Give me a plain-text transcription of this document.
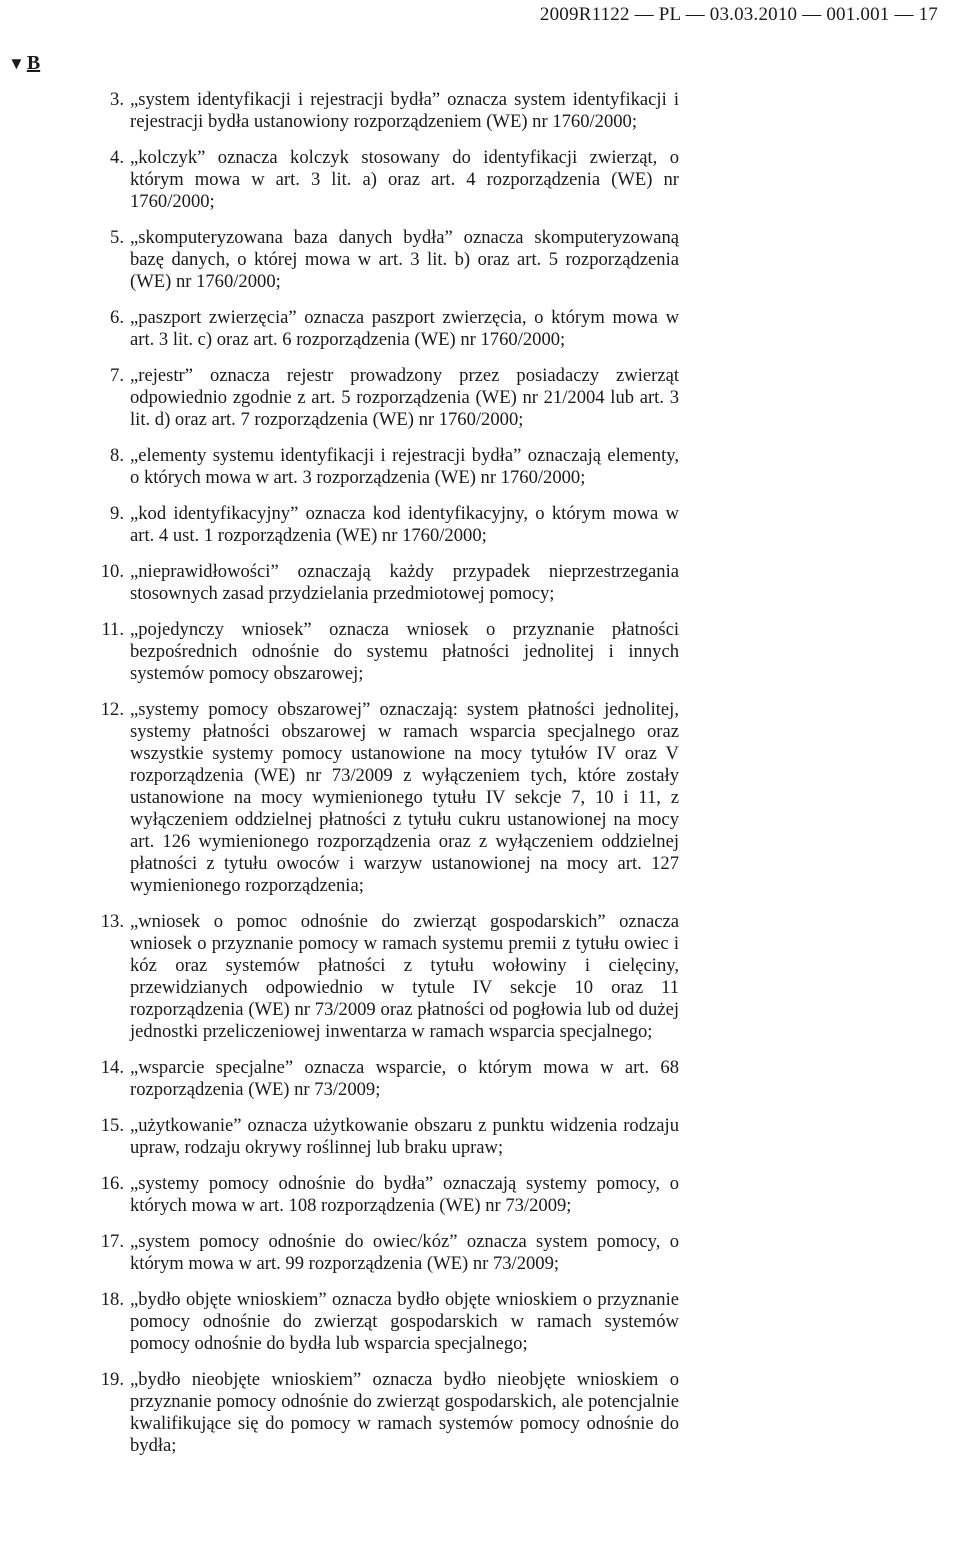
2009R1122 — PL — 03.03.2010 — 001.001 — 17
▼ B
3. „system identyfikacji i rejestracji bydła” oznacza system identyfikacji i rejestracji bydła ustanowiony rozporządzeniem (WE) nr 1760/2000;
4. „kolczyk” oznacza kolczyk stosowany do identyfikacji zwierząt, o którym mowa w art. 3 lit. a) oraz art. 4 rozporządzenia (WE) nr 1760/2000;
5. „skomputeryzowana baza danych bydła” oznacza skomputeryzowaną bazę danych, o której mowa w art. 3 lit. b) oraz art. 5 rozporządzenia (WE) nr 1760/2000;
6. „paszport zwierzęcia” oznacza paszport zwierzęcia, o którym mowa w art. 3 lit. c) oraz art. 6 rozporządzenia (WE) nr 1760/2000;
7. „rejestr” oznacza rejestr prowadzony przez posiadaczy zwierząt odpowiednio zgodnie z art. 5 rozporządzenia (WE) nr 21/2004 lub art. 3 lit. d) oraz art. 7 rozporządzenia (WE) nr 1760/2000;
8. „elementy systemu identyfikacji i rejestracji bydła” oznaczają elementy, o których mowa w art. 3 rozporządzenia (WE) nr 1760/2000;
9. „kod identyfikacyjny” oznacza kod identyfikacyjny, o którym mowa w art. 4 ust. 1 rozporządzenia (WE) nr 1760/2000;
10. „nieprawidłowości” oznaczają każdy przypadek nieprzestrzegania stosownych zasad przydzielania przedmiotowej pomocy;
11. „pojedynczy wniosek” oznacza wniosek o przyznanie płatności bezpośrednich odnośnie do systemu płatności jednolitej i innych systemów pomocy obszarowej;
12. „systemy pomocy obszarowej” oznaczają: system płatności jednolitej, systemy płatności obszarowej w ramach wsparcia specjalnego oraz wszystkie systemy pomocy ustanowione na mocy tytułów IV oraz V rozporządzenia (WE) nr 73/2009 z wyłączeniem tych, które zostały ustanowione na mocy wymienionego tytułu IV sekcje 7, 10 i 11, z wyłączeniem oddzielnej płatności z tytułu cukru ustanowionej na mocy art. 126 wymienionego rozporządzenia oraz z wyłączeniem oddzielnej płatności z tytułu owoców i warzyw ustanowionej na mocy art. 127 wymienionego rozporządzenia;
13. „wniosek o pomoc odnośnie do zwierząt gospodarskich” oznacza wniosek o przyznanie pomocy w ramach systemu premii z tytułu owiec i kóz oraz systemów płatności z tytułu wołowiny i cielęciny, przewidzianych odpowiednio w tytule IV sekcje 10 oraz 11 rozporządzenia (WE) nr 73/2009 oraz płatności od pogłowia lub od dużej jednostki przeliczeniowej inwentarza w ramach wsparcia specjalnego;
14. „wsparcie specjalne” oznacza wsparcie, o którym mowa w art. 68 rozporządzenia (WE) nr 73/2009;
15. „użytkowanie” oznacza użytkowanie obszaru z punktu widzenia rodzaju upraw, rodzaju okrywy roślinnej lub braku upraw;
16. „systemy pomocy odnośnie do bydła” oznaczają systemy pomocy, o których mowa w art. 108 rozporządzenia (WE) nr 73/2009;
17. „system pomocy odnośnie do owiec/kóz” oznacza system pomocy, o którym mowa w art. 99 rozporządzenia (WE) nr 73/2009;
18. „bydło objęte wnioskiem” oznacza bydło objęte wnioskiem o przyznanie pomocy odnośnie do zwierząt gospodarskich w ramach systemów pomocy odnośnie do bydła lub wsparcia specjalnego;
19. „bydło nieobjęte wnioskiem” oznacza bydło nieobjęte wnioskiem o przyznanie pomocy odnośnie do zwierząt gospodarskich, ale potencjalnie kwalifikujące się do pomocy w ramach systemów pomocy odnośnie do bydła;
